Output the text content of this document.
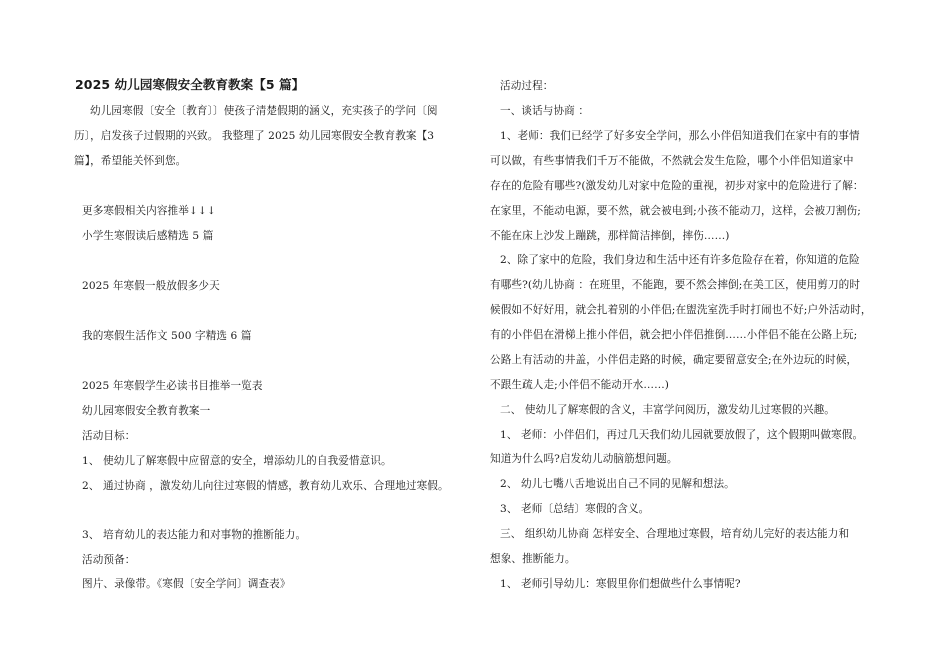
2025 幼儿园寒假安全教育教案【5 篇】
幼儿园寒假〔安全〔教育〕〕使孩子清楚假期的涵义，充实孩子的学问〔阅
历〕，启发孩子过假期的兴致。 我整理了 2025 幼儿园寒假安全教育教案【3
篇】，希望能关怀到您。
更多寒假相关内容推举↓↓↓
小学生寒假读后感精选 5 篇
2025 年寒假一般放假多少天
我的寒假生活作文 500 字精选 6 篇
2025 年寒假学生必读书目推举一览表
幼儿园寒假安全教育教案一
活动目标：
1、 使幼儿了解寒假中应留意的安全，增添幼儿的自我爱惜意识。
2、 通过协商 ，激发幼儿向往过寒假的情感，教育幼儿欢乐、合理地过寒假。
3、 培育幼儿的表达能力和对事物的推断能力。
活动预备：
图片、录像带。《寒假〔安全学问〕调查表》
活动过程：
一、谈话与协商 ：
1、老师：我们已经学了好多安全学问，那么小伴侣知道我们在家中有的事情
可以做，有些事情我们千万不能做，不然就会发生危险，哪个小伴侣知道家中
存在的危险有哪些?(激发幼儿对家中危险的重视，初步对家中的危险进行了解：
在家里，不能动电源，要不然，就会被电到;小孩不能动刀，这样，会被刀割伤;
不能在床上沙发上蹦跳，那样简洁摔倒，摔伤……)
2、除了家中的危险，我们身边和生活中还有许多危险存在着，你知道的危险
有哪些?(幼儿协商 ：在班里，不能跑，要不然会摔倒;在美工区，使用剪刀的时
候假如不好好用，就会扎着别的小伴侣;在盥洗室洗手时打闹也不好;户外活动时，
有的小伴侣在滑梯上推小伴侣，就会把小伴侣推倒……小伴侣不能在公路上玩;
公路上有活动的井盖，小伴侣走路的时候，确定要留意安全;在外边玩的时候，
不跟生疏人走;小伴侣不能动开水……)
二、 使幼儿了解寒假的含义，丰富学问阅历，激发幼儿过寒假的兴趣。
1、 老师：小伴侣们，再过几天我们幼儿园就要放假了，这个假期叫做寒假。
知道为什么吗?启发幼儿动脑筋想问题。
2、 幼儿七嘴八舌地说出自己不同的见解和想法。
3、 老师〔总结〕寒假的含义。
三、 组织幼儿协商 怎样安全、合理地过寒假，培育幼儿完好的表达能力和
想象、推断能力。
1、 老师引导幼儿：寒假里你们想做些什么事情呢?
